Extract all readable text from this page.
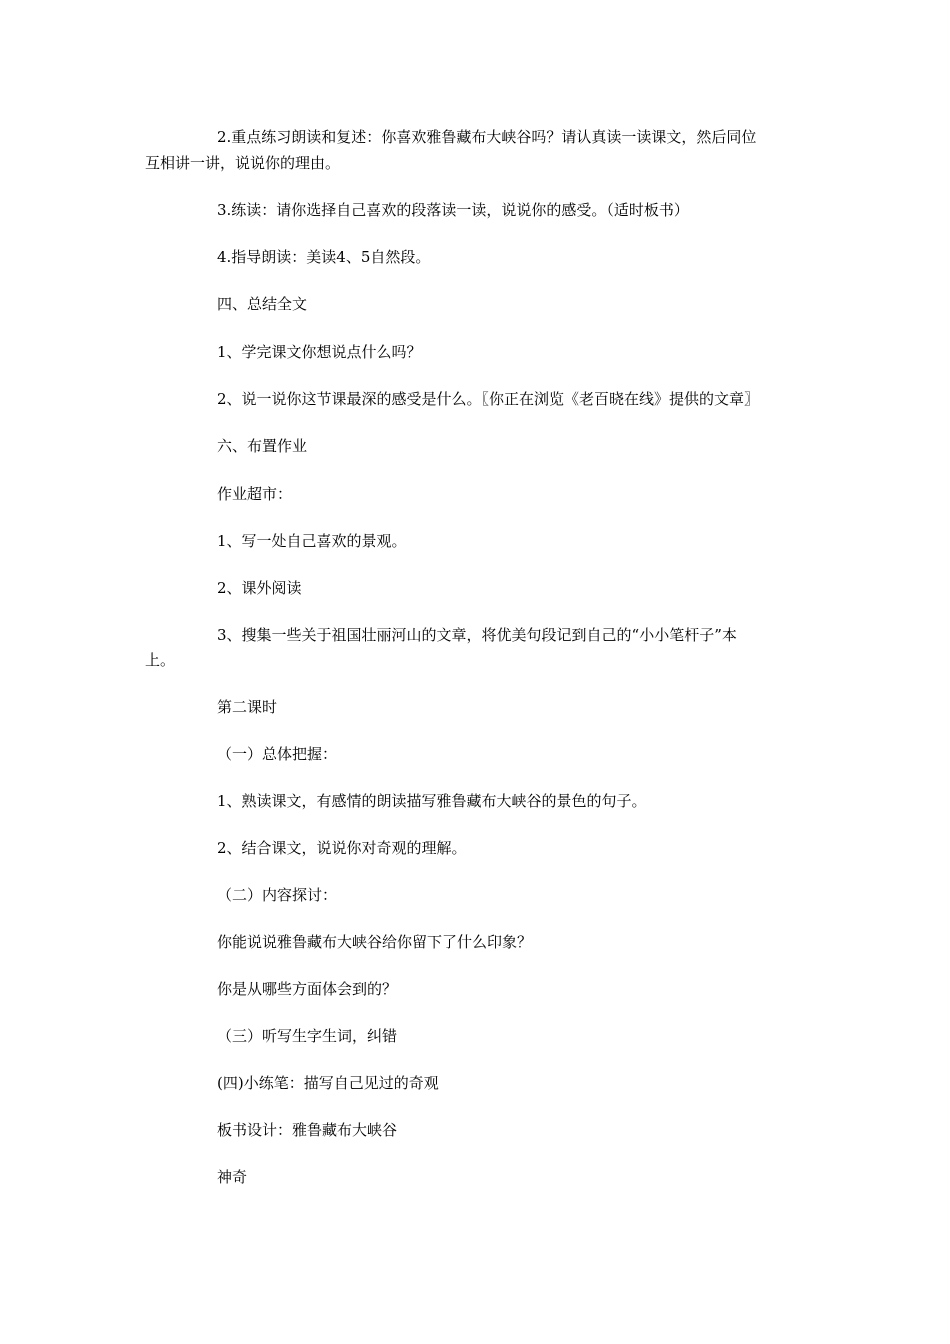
2.重点练习朗读和复述：你喜欢雅鲁藏布大峡谷吗？请认真读一读课文，然后同位
互相讲一讲，说说你的理由。
3.练读：请你选择自己喜欢的段落读一读，说说你的感受。（适时板书）
4.指导朗读：美读4、5自然段。
四、总结全文
1、学完课文你想说点什么吗？
2、说一说你这节课最深的感受是什么。〖你正在浏览《老百晓在线》提供的文章〗
六、布置作业
作业超市：
1、写一处自己喜欢的景观。
2、课外阅读
3、搜集一些关于祖国壮丽河山的文章，将优美句段记到自己的“小小笔杆子”本
上。
第二课时
（一）总体把握：
1、熟读课文，有感情的朗读描写雅鲁藏布大峡谷的景色的句子。
2、结合课文，说说你对奇观的理解。
（二）内容探讨：
你能说说雅鲁藏布大峡谷给你留下了什么印象？
你是从哪些方面体会到的？
（三）听写生字生词，纠错
(四)小练笔：描写自己见过的奇观
板书设计：雅鲁藏布大峡谷
神奇
